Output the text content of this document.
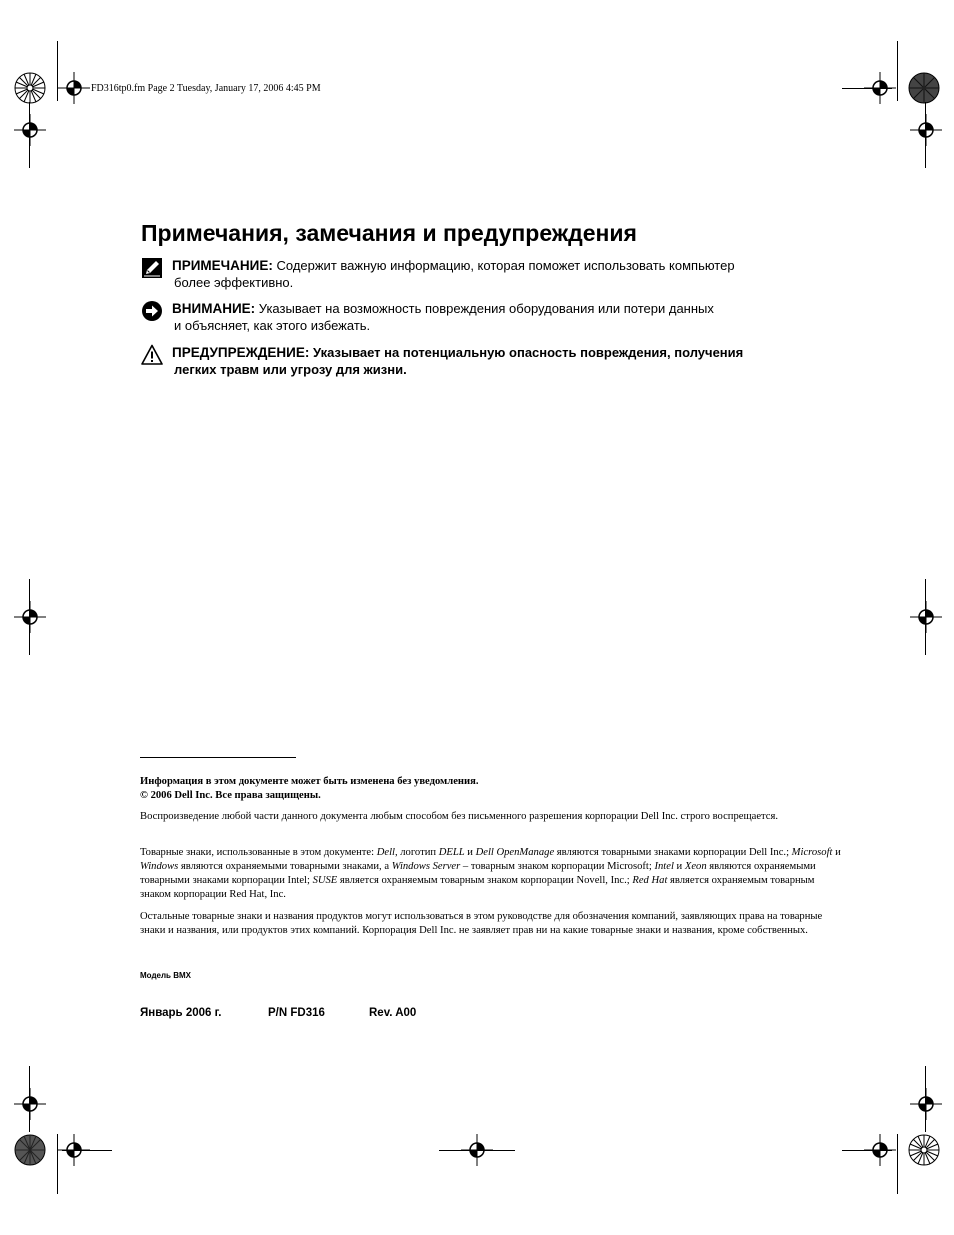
FD316tp0.fm Page 2 Tuesday, January 17, 2006 4:45 PM
Примечания, замечания и предупреждения
ПРИМЕЧАНИЕ: Содержит важную информацию, которая поможет использовать компьютер
более эффективно.
ВНИМАНИЕ: Указывает на возможность повреждения оборудования или потери данных
и объясняет, как этого избежать.
ПРЕДУПРЕЖДЕНИЕ: Указывает на потенциальную опасность повреждения, получения
легких травм или угрозу для жизни.

Информация в этом документе может быть изменена без уведомления.

© 2006 Dell Inc. Все права защищены.

Воспроизведение любой части данного документа любым способом без письменного разрешения корпорации Dell Inc. строго воспрещается.

Товарные знаки, использованные в этом документе: Dell, логотип DELL и Dell OpenManage являются товарными знаками корпорации Dell Inc.; Microsoft и Windows являются охраняемыми товарными знаками, а Windows Server – товарным знаком корпорации Microsoft; Intel и Xeon являются охраняемыми товарными знаками корпорации Intel; SUSE является охраняемым товарным знаком корпорации Novell, Inc.; Red Hat является охраняемым товарным знаком корпорации Red Hat, Inc.

Остальные товарные знаки и названия продуктов могут использоваться в этом руководстве для обозначения компаний, заявляющих права на товарные знаки и названия, или продуктов этих компаний. Корпорация Dell Inc. не заявляет прав ни на какие товарные знаки и названия, кроме собственных.

Модель BMX
Январь 2006 г.	P/N FD316	Rev. A00
